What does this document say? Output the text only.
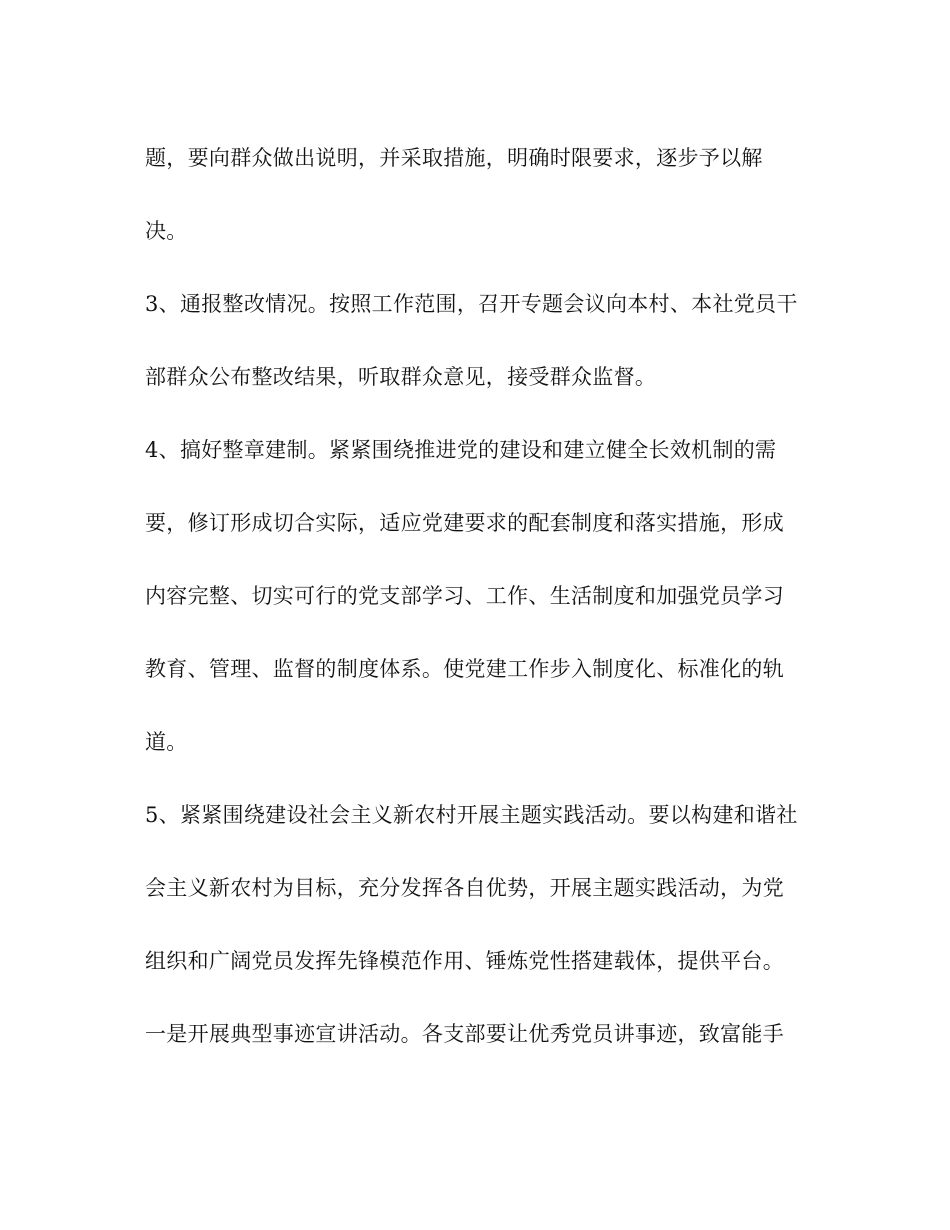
题，要向群众做出说明，并采取措施，明确时限要求，逐步予以解
决。
3、通报整改情况。按照工作范围，召开专题会议向本村、本社党员干
部群众公布整改结果，听取群众意见，接受群众监督。
4、搞好整章建制。紧紧围绕推进党的建设和建立健全长效机制的需
要，修订形成切合实际，适应党建要求的配套制度和落实措施，形成
内容完整、切实可行的党支部学习、工作、生活制度和加强党员学习
教育、管理、监督的制度体系。使党建工作步入制度化、标准化的轨
道。
5、紧紧围绕建设社会主义新农村开展主题实践活动。要以构建和谐社
会主义新农村为目标，充分发挥各自优势，开展主题实践活动，为党
组织和广阔党员发挥先锋模范作用、锤炼党性搭建载体，提供平台。
一是开展典型事迹宣讲活动。各支部要让优秀党员讲事迹，致富能手
